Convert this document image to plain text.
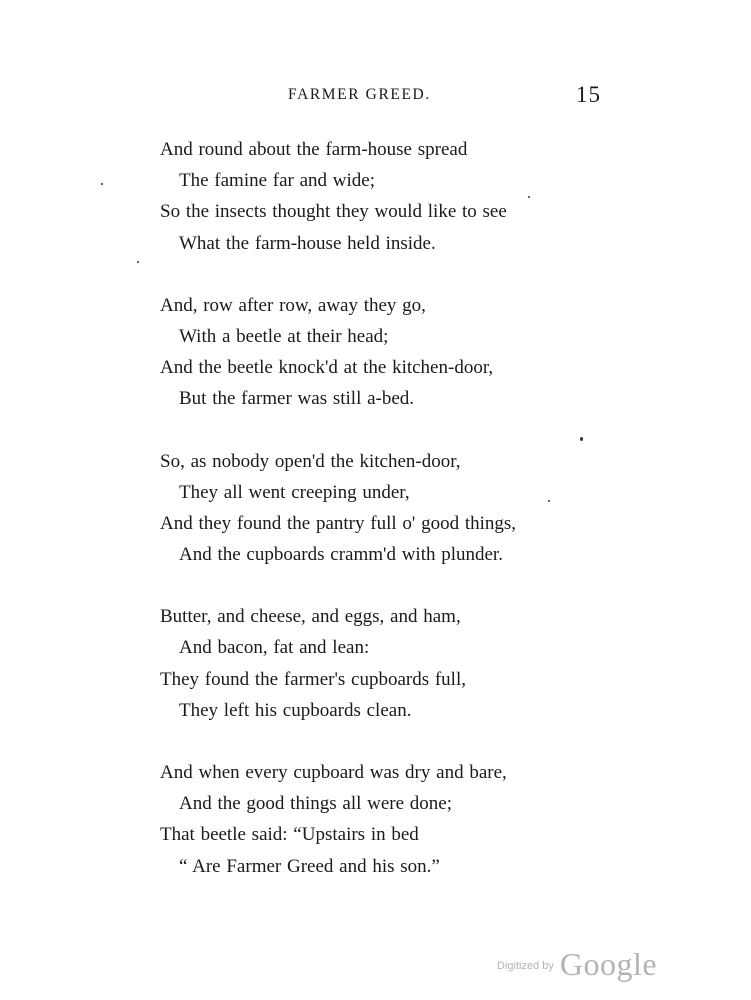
FARMER GREED.	15
And round about the farm-house spread
The famine far and wide;
So the insects thought they would like to see
What the farm-house held inside.
And, row after row, away they go,
With a beetle at their head;
And the beetle knock'd at the kitchen-door,
But the farmer was still a-bed.
So, as nobody open'd the kitchen-door,
They all went creeping under,
And they found the pantry full o' good things,
And the cupboards cramm'd with plunder.
Butter, and cheese, and eggs, and ham,
And bacon, fat and lean:
They found the farmer's cupboards full,
They left his cupboards clean.
And when every cupboard was dry and bare,
And the good things all were done;
That beetle said: “Upstairs in bed
“ Are Farmer Greed and his son.”
$^{Digitized by}$ Google
